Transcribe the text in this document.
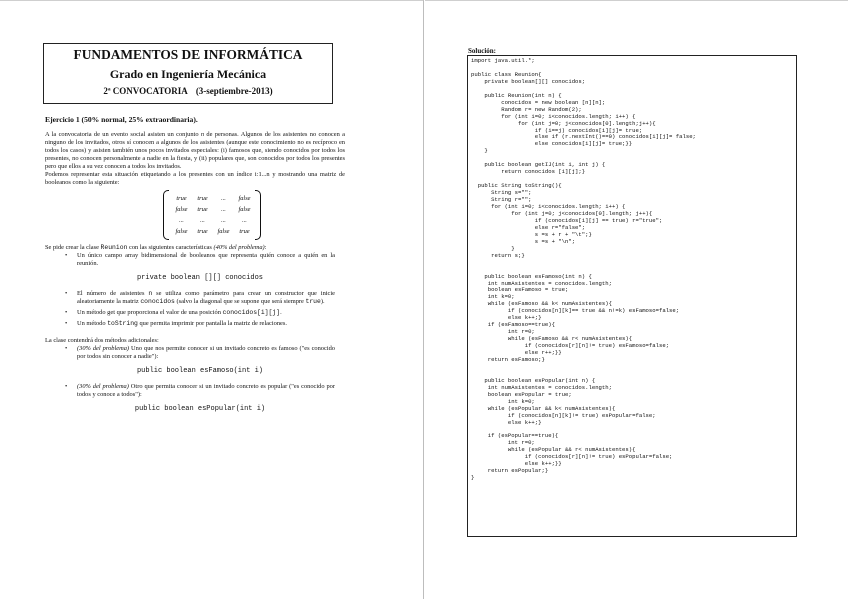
FUNDAMENTOS DE INFORMÁTICA
Grado en Ingeniería Mecánica
2ª CONVOCATORIA (3-septiembre-2013)
Ejercicio 1 (50% normal, 25% extraordinaria).

A la convocatoria de un evento social asisten un conjunto n de personas. Algunos de los asistentes no conocen a ninguno de los invitados, otros sí conocen a algunos de los asistentes (aunque este conocimiento no es recíproco en todos los casos) y asisten también unos pocos invitados especiales: (i) famosos que, siendo conocidos por todos los presentes, no conocen personalmente a nadie en la fiesta, y (ii) populares que, son conocidos por todos los presentes pero que ellos a su vez conocen a todos los invitados.

Podemos representar esta situación etiquetando a los presentes con un índice i:1...n y mostrando una matriz de booleanos como la siguiente:

true	true	...	false
false	true	...	false
...	...	...	...
false	true	false	true

Se pide crear la clase Reunion con las siguientes características (40% del problema):

• Un único campo array bidimensional de booleanos que representa quién conoce a quién en la reunión.
private boolean [][] conocidos
• El número de asistentes n se utiliza como parámetro para crear un constructor que inicie aleatoriamente la matriz conocidos (salvo la diagonal que se supone que será siempre true).
• Un método get que proporciona el valor de una posición conocidos[i][j].
• Un método toString que permita imprimir por pantalla la matriz de relaciones.

La clase contendrá dos métodos adicionales:

• (30% del problema) Uno que nos permite conocer si un invitado concreto es famoso ("es conocido por todos sin conocer a nadie"):
public boolean esFamoso(int i)
• (30% del problema) Otro que permita conocer si un invitado concreto es popular ("es conocido por todos y conoce a todos"):
public boolean esPopular(int i)
Solución:
import java.util.*;

public class Reunion{
private boolean[][] conocidos;

public Reunion(int n) {
conocidos = new boolean [n][n];
Random r= new Random(2);
for (int i=0; i<conocidos.length; i++) {
for (int j=0; j<conocidos[0].length;j++){
if (i==j) conocidos[i][j]= true;
else if (r.nextInt()==0) conocidos[i][j]= false;
else conocidos[i][j]= true;}}
}

public boolean getIJ(int i, int j) {
return conocidos [i][j];}

public String toString(){
String s="";
String r="";
for (int i=0; i<conocidos.length; i++) {
for (int j=0; j<conocidos[0].length; j++){
if (conocidos[i][j] == true) r="true";
else r="false";
s =s + r + "\t";}
s =s + "\n";
}
return s;}

public boolean esFamoso(int n) {
int numAsistentes = conocidos.length;
boolean esFamoso = true;
int k=0;
while (esFamoso && k< numAsistentes){
if (conocidos[n][k]== true && n!=k) esFamoso=false;
else k++;}
if (esFamoso==true){
int r=0;
while (esFamoso && r< numAsistentes){
if (conocidos[r][n]!= true) esFamoso=false;
else r++;}}
return esFamoso;}

public boolean esPopular(int n) {
int numAsistentes = conocidos.length;
boolean esPopular = true;
int k=0;
while (esPopular && k< numAsistentes){
if (conocidos[n][k]!= true) esPopular=false;
else k++;}

if (esPopular==true){
int r=0;
while (esPopular && r< numAsistentes){
if (conocidos[r][n]!= true) esPopular=false;
else k++;}}
return esPopular;}
}
